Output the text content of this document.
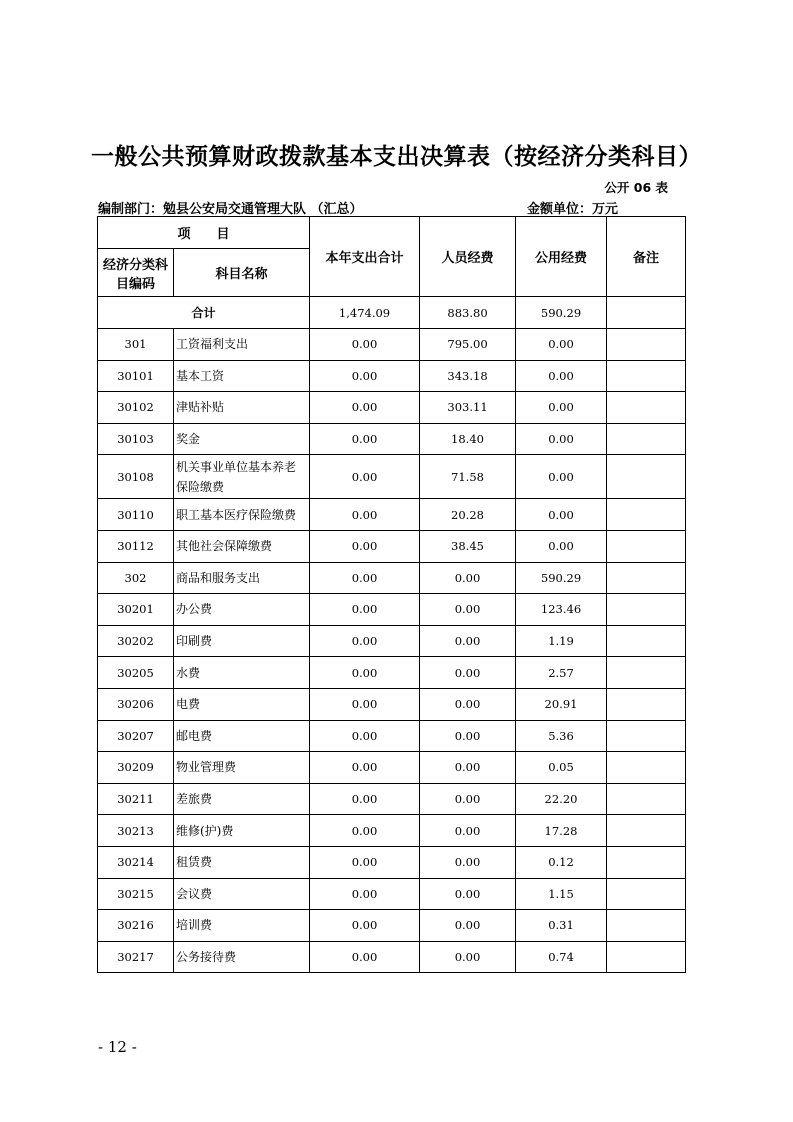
一般公共预算财政拨款基本支出决算表（按经济分类科目）
公开 06 表
编制部门：勉县公安局交通管理大队 （汇总）	金额单位：万元
项　　目		本年支出合计	人员经费	公用经费	备注
经济分类科目编码	科目名称				
合计		1,474.09	883.80	590.29	
301	工资福利支出	0.00	795.00	0.00	
30101	基本工资	0.00	343.18	0.00	
30102	津贴补贴	0.00	303.11	0.00	
30103	奖金	0.00	18.40	0.00	
30108	机关事业单位基本养老保险缴费	0.00	71.58	0.00	
30110	职工基本医疗保险缴费	0.00	20.28	0.00	
30112	其他社会保障缴费	0.00	38.45	0.00	
302	商品和服务支出	0.00	0.00	590.29	
30201	办公费	0.00	0.00	123.46	
30202	印刷费	0.00	0.00	1.19	
30205	水费	0.00	0.00	2.57	
30206	电费	0.00	0.00	20.91	
30207	邮电费	0.00	0.00	5.36	
30209	物业管理费	0.00	0.00	0.05	
30211	差旅费	0.00	0.00	22.20	
30213	维修(护)费	0.00	0.00	17.28	
30214	租赁费	0.00	0.00	0.12	
30215	会议费	0.00	0.00	1.15	
30216	培训费	0.00	0.00	0.31	
30217	公务接待费	0.00	0.00	0.74	
- 12 -
